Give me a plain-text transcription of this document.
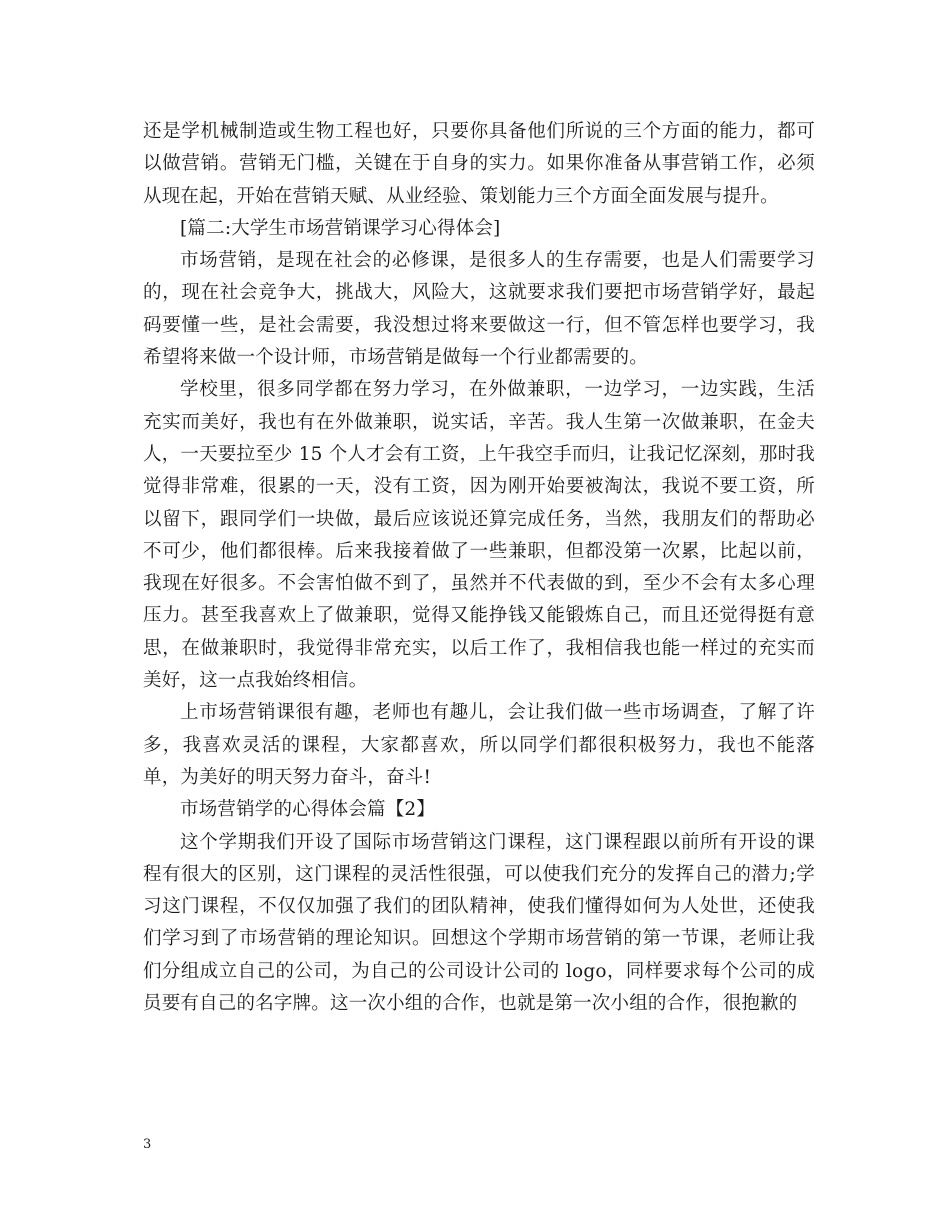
还是学机械制造或生物工程也好，只要你具备他们所说的三个方面的能力，都可以做营销。营销无门槛，关键在于自身的实力。如果你准备从事营销工作，必须从现在起，开始在营销天赋、从业经验、策划能力三个方面全面发展与提升。

[篇二:大学生市场营销课学习心得体会]

市场营销，是现在社会的必修课，是很多人的生存需要，也是人们需要学习的，现在社会竞争大，挑战大，风险大，这就要求我们要把市场营销学好，最起码要懂一些，是社会需要，我没想过将来要做这一行，但不管怎样也要学习，我希望将来做一个设计师，市场营销是做每一个行业都需要的。

学校里，很多同学都在努力学习，在外做兼职，一边学习，一边实践，生活充实而美好，我也有在外做兼职，说实话，辛苦。我人生第一次做兼职，在金夫人，一天要拉至少 15 个人才会有工资，上午我空手而归，让我记忆深刻，那时我觉得非常难，很累的一天，没有工资，因为刚开始要被淘汰，我说不要工资，所以留下，跟同学们一块做，最后应该说还算完成任务，当然，我朋友们的帮助必不可少，他们都很棒。后来我接着做了一些兼职，但都没第一次累，比起以前，我现在好很多。不会害怕做不到了，虽然并不代表做的到，至少不会有太多心理压力。甚至我喜欢上了做兼职，觉得又能挣钱又能锻炼自己，而且还觉得挺有意思，在做兼职时，我觉得非常充实，以后工作了，我相信我也能一样过的充实而美好，这一点我始终相信。

上市场营销课很有趣，老师也有趣儿，会让我们做一些市场调查，了解了许多，我喜欢灵活的课程，大家都喜欢，所以同学们都很积极努力，我也不能落单，为美好的明天努力奋斗，奋斗!

市场营销学的心得体会篇【2】

这个学期我们开设了国际市场营销这门课程，这门课程跟以前所有开设的课程有很大的区别，这门课程的灵活性很强，可以使我们充分的发挥自己的潜力;学习这门课程，不仅仅加强了我们的团队精神，使我们懂得如何为人处世，还使我们学习到了市场营销的理论知识。回想这个学期市场营销的第一节课，老师让我们分组成立自己的公司，为自己的公司设计公司的 logo，同样要求每个公司的成员要有自己的名字牌。这一次小组的合作，也就是第一次小组的合作，很抱歉的

3
